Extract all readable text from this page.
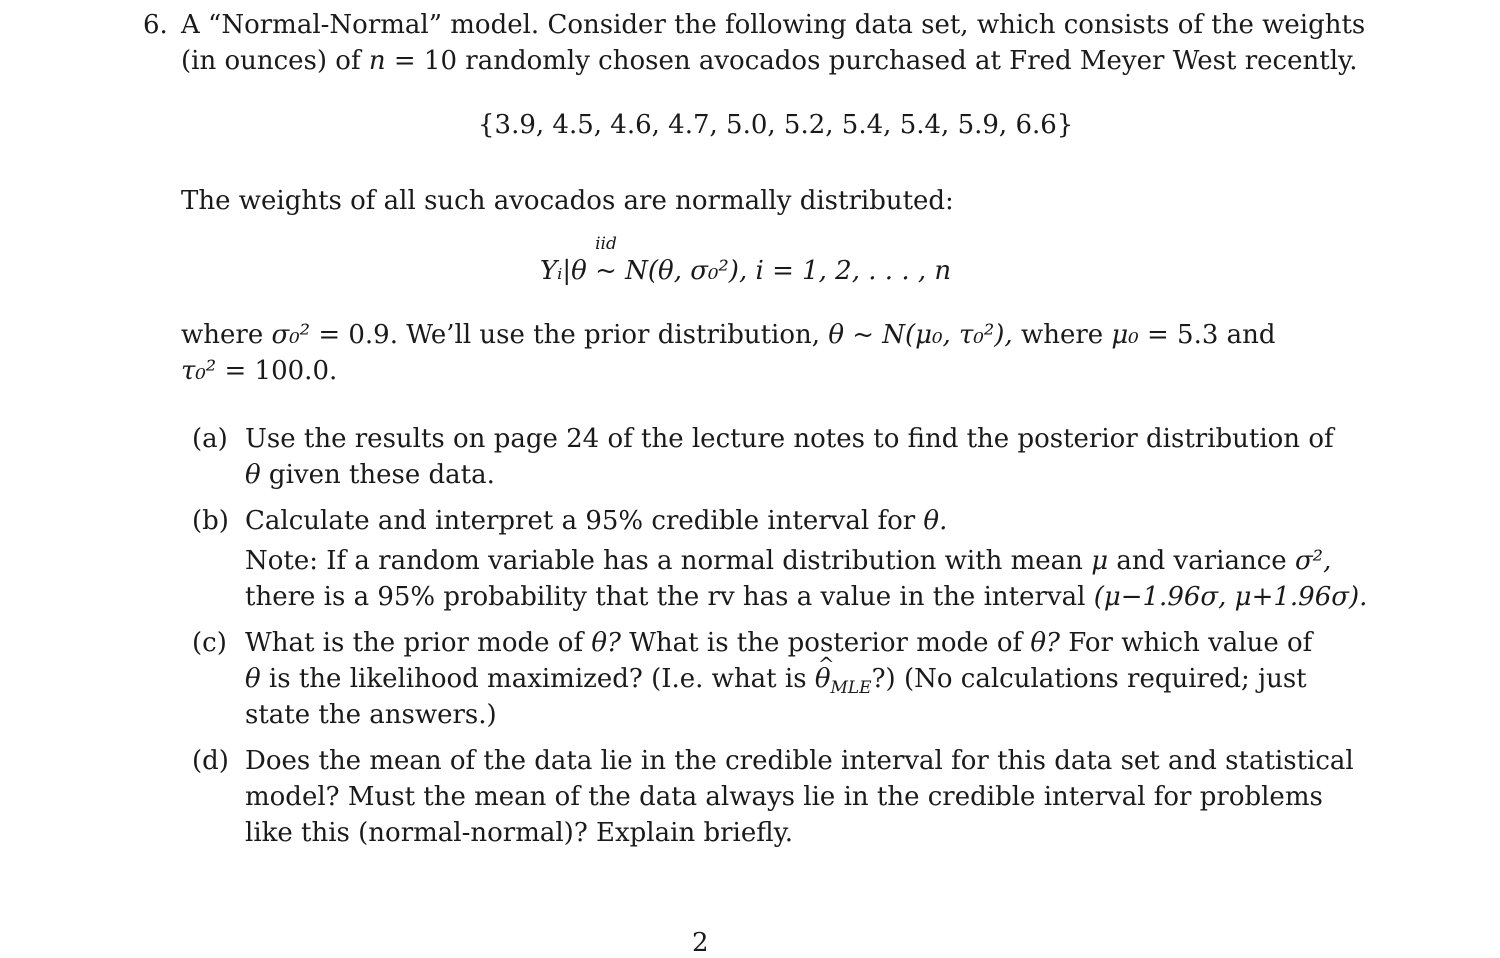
6. A “Normal-Normal” model. Consider the following data set, which consists of the weights
(in ounces) of n = 10 randomly chosen avocados purchased at Fred Meyer West recently.
{3.9, 4.5, 4.6, 4.7, 5.0, 5.2, 5.4, 5.4, 5.9, 6.6}
The weights of all such avocados are normally distributed:
Yᵢ|θ
iid
~ N(θ, σ₀²), i = 1, 2, . . . , n
where σ₀² = 0.9. We’ll use the prior distribution, θ ~ N(μ₀, τ₀²), where μ₀ = 5.3 and
τ₀² = 100.0.
(a) Use the results on page 24 of the lecture notes to find the posterior distribution of
θ given these data.
(b) Calculate and interpret a 95% credible interval for θ.
Note: If a random variable has a normal distribution with mean μ and variance σ²,
there is a 95% probability that the rv has a value in the interval (μ−1.96σ, μ+1.96σ).
(c) What is the prior mode of θ? What is the posterior mode of θ? For which value of
θ is the likelihood maximized? (I.e. what is ^ $\theta_{MLE}$?) (No calculations required; just
state the answers.)
(d) Does the mean of the data lie in the credible interval for this data set and statistical
model? Must the mean of the data always lie in the credible interval for problems
like this (normal-normal)? Explain briefly.
2
